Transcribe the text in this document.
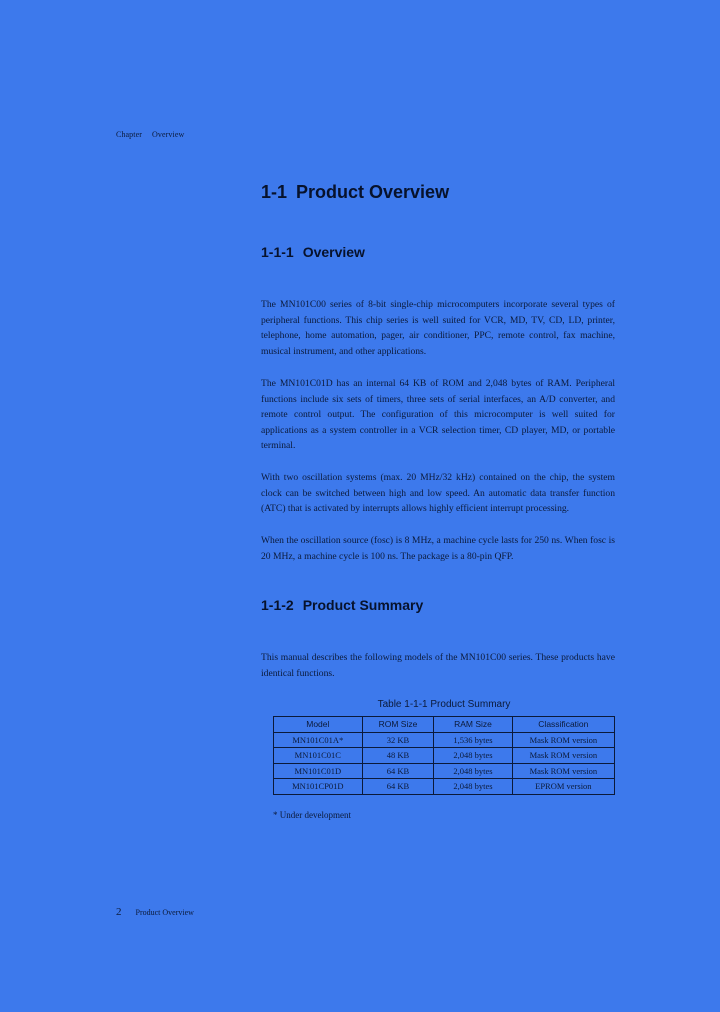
Chapter Overview
1-1 Product Overview
1-1-1 Overview

The MN101C00 series of 8-bit single-chip microcomputers incorporate several types of peripheral functions. This chip series is well suited for VCR, MD, TV, CD, LD, printer, telephone, home automation, pager, air conditioner, PPC, remote control, fax machine, musical instrument, and other applications.

The MN101C01D has an internal 64 KB of ROM and 2,048 bytes of RAM. Peripheral functions include six sets of timers, three sets of serial interfaces, an A/D converter, and remote control output. The configuration of this microcomputer is well suited for applications as a system controller in a VCR selection timer, CD player, MD, or portable terminal.

With two oscillation systems (max. 20 MHz/32 kHz) contained on the chip, the system clock can be switched between high and low speed. An automatic data transfer function (ATC) that is activated by interrupts allows highly efficient interrupt processing.

When the oscillation source (fosc) is 8 MHz, a machine cycle lasts for 250 ns. When fosc is 20 MHz, a machine cycle is 100 ns. The package is a 80-pin QFP.

1-1-2 Product Summary

This manual describes the following models of the MN101C00 series. These products have identical functions.

Table 1-1-1 Product Summary
Model	ROM Size	RAM Size	Classification
MN101C01A*	32 KB	1,536 bytes	Mask ROM version
MN101C01C	48 KB	2,048 bytes	Mask ROM version
MN101C01D	64 KB	2,048 bytes	Mask ROM version
MN101CP01D	64 KB	2,048 bytes	EPROM version
* Under development
2 Product Overview
